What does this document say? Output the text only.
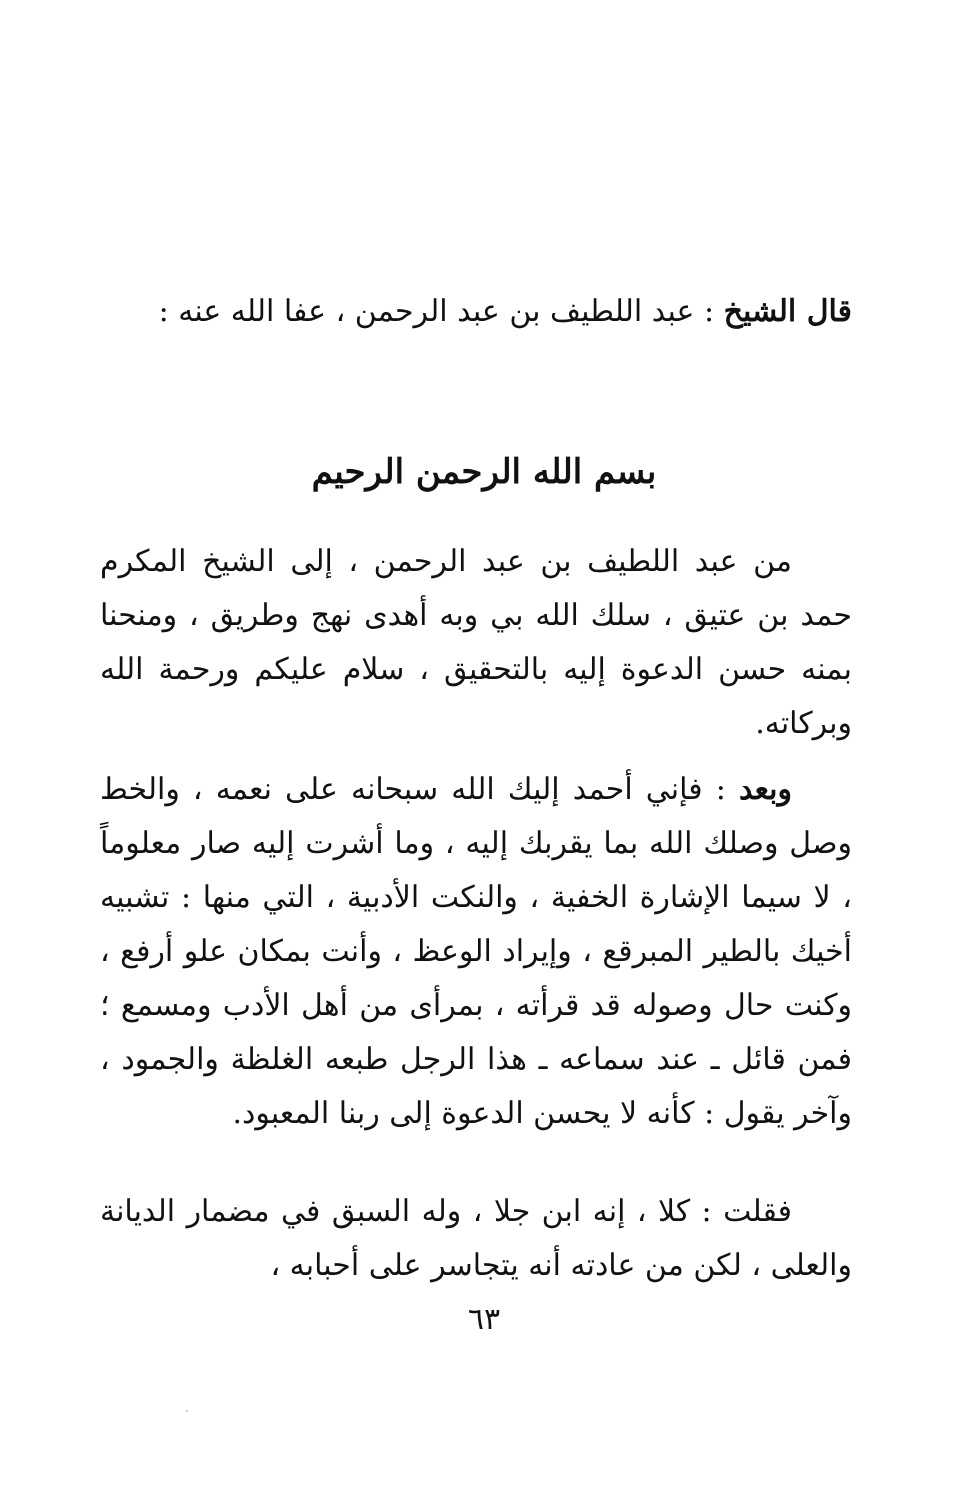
قال الشيخ : عبد اللطيف بن عبد الرحمن ، عفا الله عنه :
بسم الله الرحمن الرحيم

من عبد اللطيف بن عبد الرحمن ، إلى الشيخ المكرم حمد بن عتيق ، سلك الله بي وبه أهدى نهج وطريق ، ومنحنا بمنه حسن الدعوة إليه بالتحقيق ، سلام عليكم ورحمة الله وبركاته.

وبعد : فإني أحمد إليك الله سبحانه على نعمه ، والخط وصل وصلك الله بما يقربك إليه ، وما أشرت إليه صار معلوماً ، لا سيما الإشارة الخفية ، والنكت الأدبية ، التي منها : تشبيه أخيك بالطير المبرقع ، وإيراد الوعظ ، وأنت بمكان علو أرفع ، وكنت حال وصوله قد قرأته ، بمرأى من أهل الأدب ومسمع ؛ فمن قائل ـ عند سماعه ـ هذا الرجل طبعه الغلظة والجمود ، وآخر يقول : كأنه لا يحسن الدعوة إلى ربنا المعبود.

فقلت : كلا ، إنه ابن جلا ، وله السبق في مضمار الديانة والعلى ، لكن من عادته أنه يتجاسر على أحبابه ،

٦٣
